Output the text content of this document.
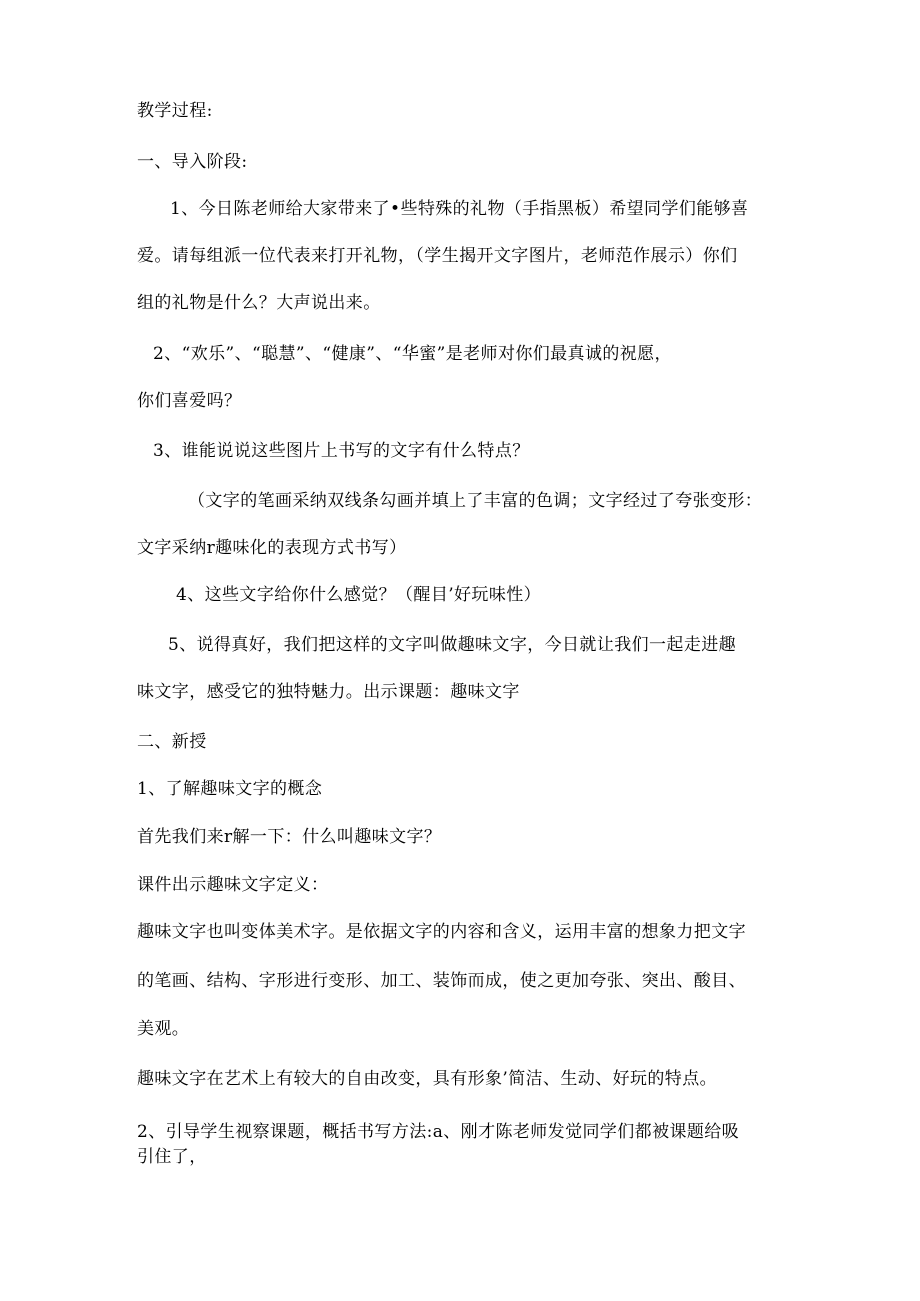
教学过程:
一、导入阶段:
1、今日陈老师给大家带来了•些特殊的礼物（手指黑板）希望同学们能够喜
爱。请每组派一位代表来打开礼物，（学生揭开文字图片，老师范作展示）你们
组的礼物是什么？大声说出来。
2、“欢乐”、“聪慧”、“健康”、“华蜜”是老师对你们最真诚的祝愿，
你们喜爱吗？
3、谁能说说这些图片上书写的文字有什么特点？
（文字的笔画采纳双线条勾画并填上了丰富的色调；文字经过了夸张变形：
文字采纳r趣味化的表现方式书写）
4、这些文字给你什么感觉？（醒目’好玩味性）
5、说得真好，我们把这样的文字叫做趣味文字，今日就让我们一起走进趣
味文字，感受它的独特魅力。出示课题：趣味文字
二、新授
1、了解趣味文字的概念
首先我们来r解一下：什么叫趣味文字？
课件出示趣味文字定义：
趣味文字也叫变体美术字。是依据文字的内容和含义，运用丰富的想象力把文字
的笔画、结构、字形进行变形、加工、装饰而成，使之更加夸张、突出、酸目、
美观。
趣味文字在艺术上有较大的自由改变，具有形象’简洁、生动、好玩的特点。
2、引导学生视察课题，概括书写方法:a、刚才陈老师发觉同学们都被课题给吸
引住了，
